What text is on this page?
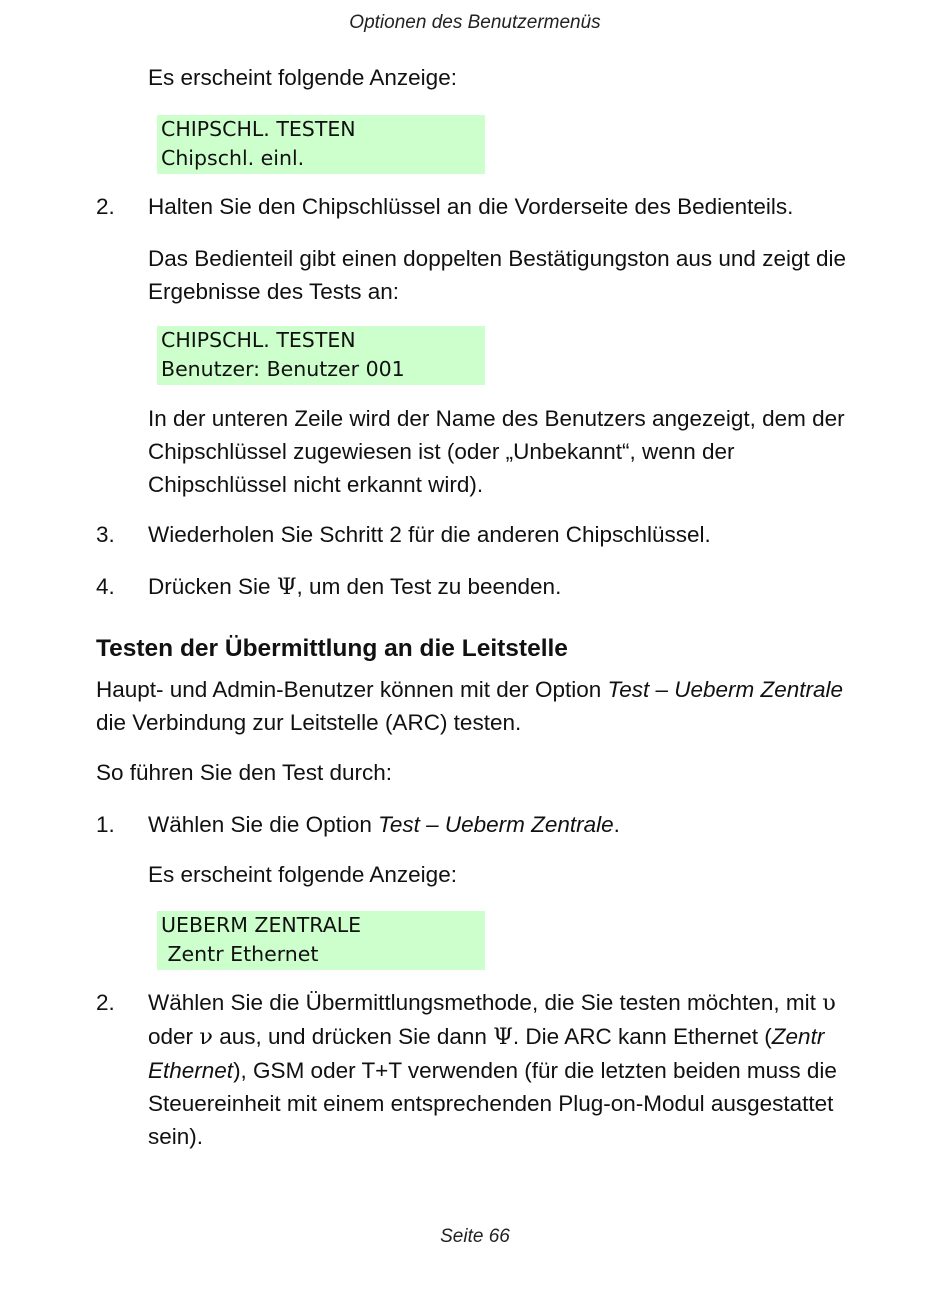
Optionen des Benutzermenüs
Es erscheint folgende Anzeige:
CHIPSCHL. TESTEN
Chipschl. einl.
2. Halten Sie den Chipschlüssel an die Vorderseite des Bedienteils.
Das Bedienteil gibt einen doppelten Bestätigungston aus und zeigt die Ergebnisse des Tests an:
CHIPSCHL. TESTEN
Benutzer: Benutzer 001
In der unteren Zeile wird der Name des Benutzers angezeigt, dem der Chipschlüssel zugewiesen ist (oder „Unbekannt“, wenn der Chipschlüssel nicht erkannt wird).
3. Wiederholen Sie Schritt 2 für die anderen Chipschlüssel.
4. Drücken Sie Ψ, um den Test zu beenden.
Testen der Übermittlung an die Leitstelle
Haupt- und Admin-Benutzer können mit der Option Test – Ueberm Zentrale die Verbindung zur Leitstelle (ARC) testen.
So führen Sie den Test durch:
1. Wählen Sie die Option Test – Ueberm Zentrale.
Es erscheint folgende Anzeige:
UEBERM ZENTRALE
Zentr Ethernet
2. Wählen Sie die Übermittlungsmethode, die Sie testen möchten, mit υ oder ν aus, und drücken Sie dann Ψ. Die ARC kann Ethernet (Zentr Ethernet), GSM oder T+T verwenden (für die letzten beiden muss die Steuereinheit mit einem entsprechenden Plug-on-Modul ausgestattet sein).
Seite 66
